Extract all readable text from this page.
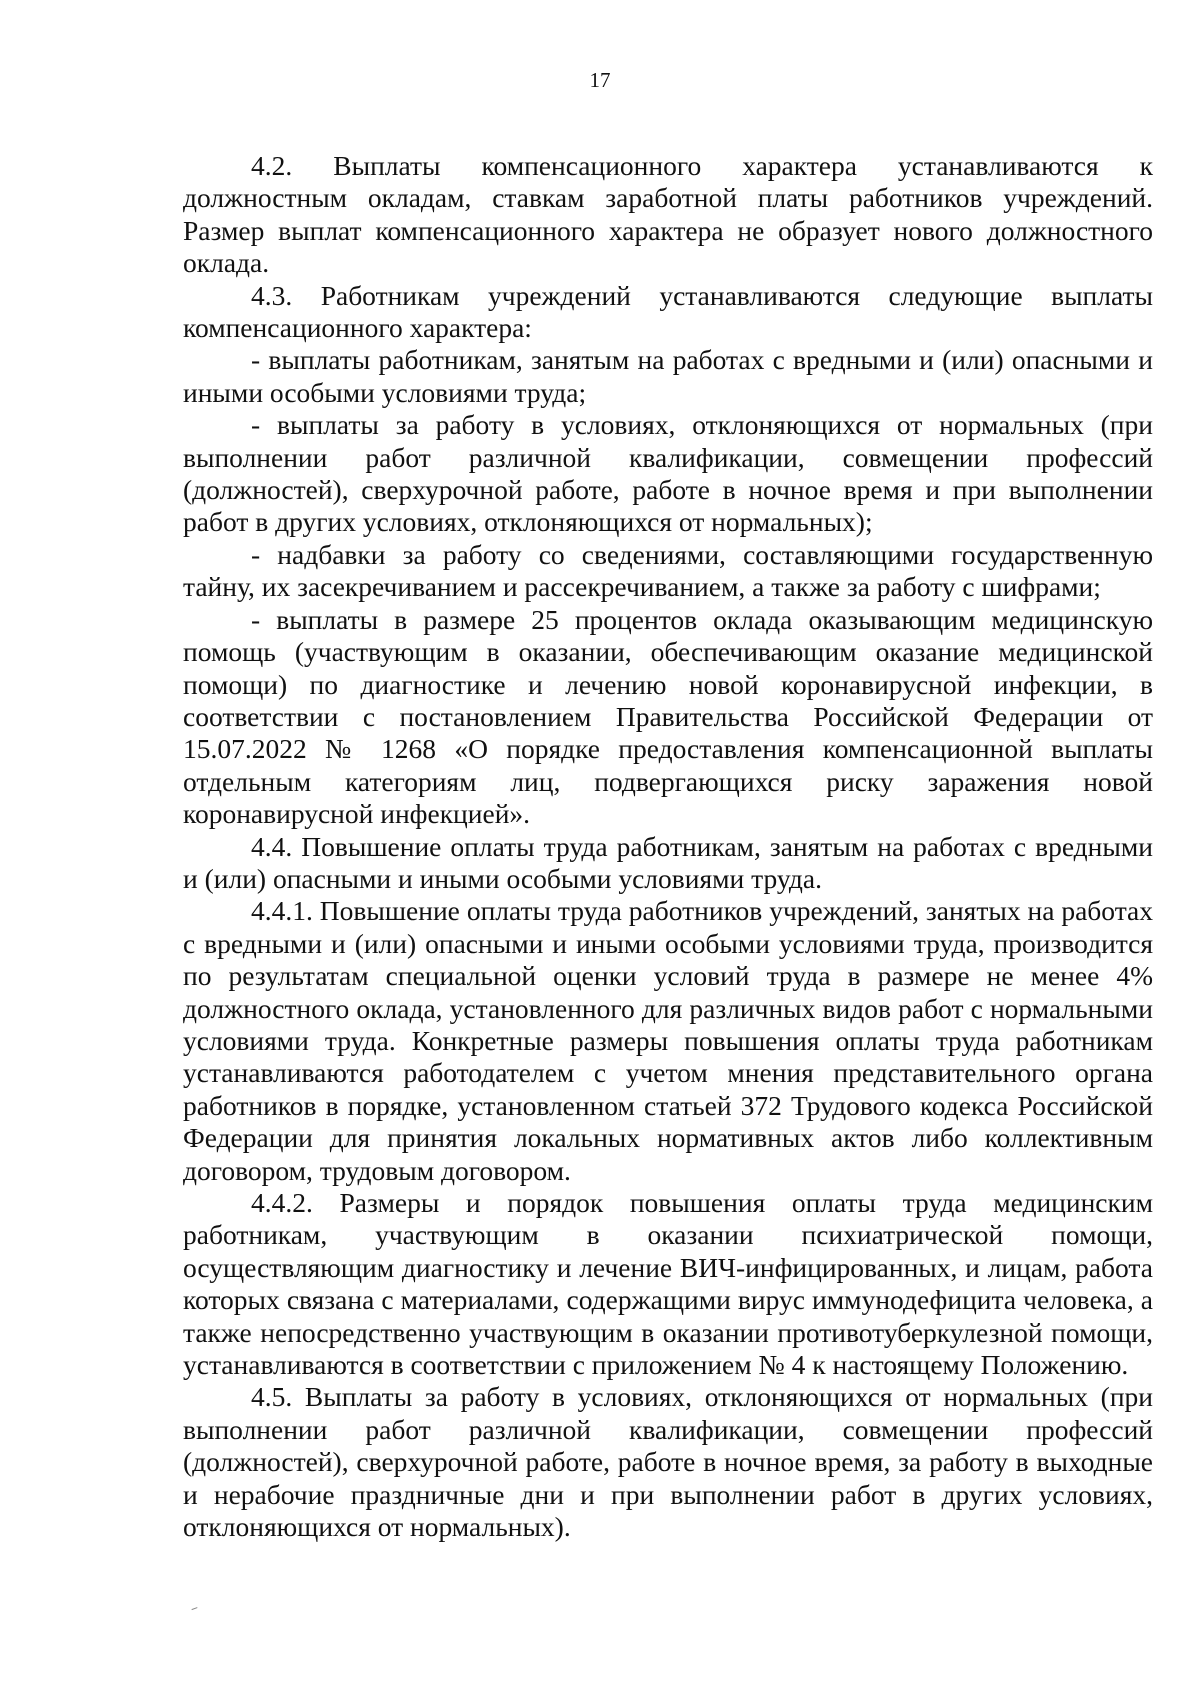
17

4.2. Выплаты компенсационного характера устанавливаются к должностным окладам, ставкам заработной платы работников учреждений. Размер выплат компенсационного характера не образует нового должностного оклада.

4.3. Работникам учреждений устанавливаются следующие выплаты компенсационного характера:

- выплаты работникам, занятым на работах с вредными и (или) опасными и иными особыми условиями труда;

- выплаты за работу в условиях, отклоняющихся от нормальных (при выполнении работ различной квалификации, совмещении профессий (должностей), сверхурочной работе, работе в ночное время и при выполнении работ в других условиях, отклоняющихся от нормальных);

- надбавки за работу со сведениями, составляющими государственную тайну, их засекречиванием и рассекречиванием, а также за работу с шифрами;

- выплаты в размере 25 процентов оклада оказывающим медицинскую помощь (участвующим в оказании, обеспечивающим оказание медицинской помощи) по диагностике и лечению новой коронавирусной инфекции, в соответствии с постановлением Правительства Российской Федерации от 15.07.2022 № 1268 «О порядке предоставления компенсационной выплаты отдельным категориям лиц, подвергающихся риску заражения новой коронавирусной инфекцией».

4.4. Повышение оплаты труда работникам, занятым на работах с вредными и (или) опасными и иными особыми условиями труда.

4.4.1. Повышение оплаты труда работников учреждений, занятых на работах с вредными и (или) опасными и иными особыми условиями труда, производится по результатам специальной оценки условий труда в размере не менее 4% должностного оклада, установленного для различных видов работ с нормальными условиями труда. Конкретные размеры повышения оплаты труда работникам устанавливаются работодателем с учетом мнения представительного органа работников в порядке, установленном статьей 372 Трудового кодекса Российской Федерации для принятия локальных нормативных актов либо коллективным договором, трудовым договором.

4.4.2. Размеры и порядок повышения оплаты труда медицинским работникам, участвующим в оказании психиатрической помощи, осуществляющим диагностику и лечение ВИЧ-инфицированных, и лицам, работа которых связана с материалами, содержащими вирус иммунодефицита человека, а также непосредственно участвующим в оказании противотуберкулезной помощи, устанавливаются в соответствии с приложением № 4 к настоящему Положению.

4.5. Выплаты за работу в условиях, отклоняющихся от нормальных (при выполнении работ различной квалификации, совмещении профессий (должностей), сверхурочной работе, работе в ночное время, за работу в выходные и нерабочие праздничные дни и при выполнении работ в других условиях, отклоняющихся от нормальных).
